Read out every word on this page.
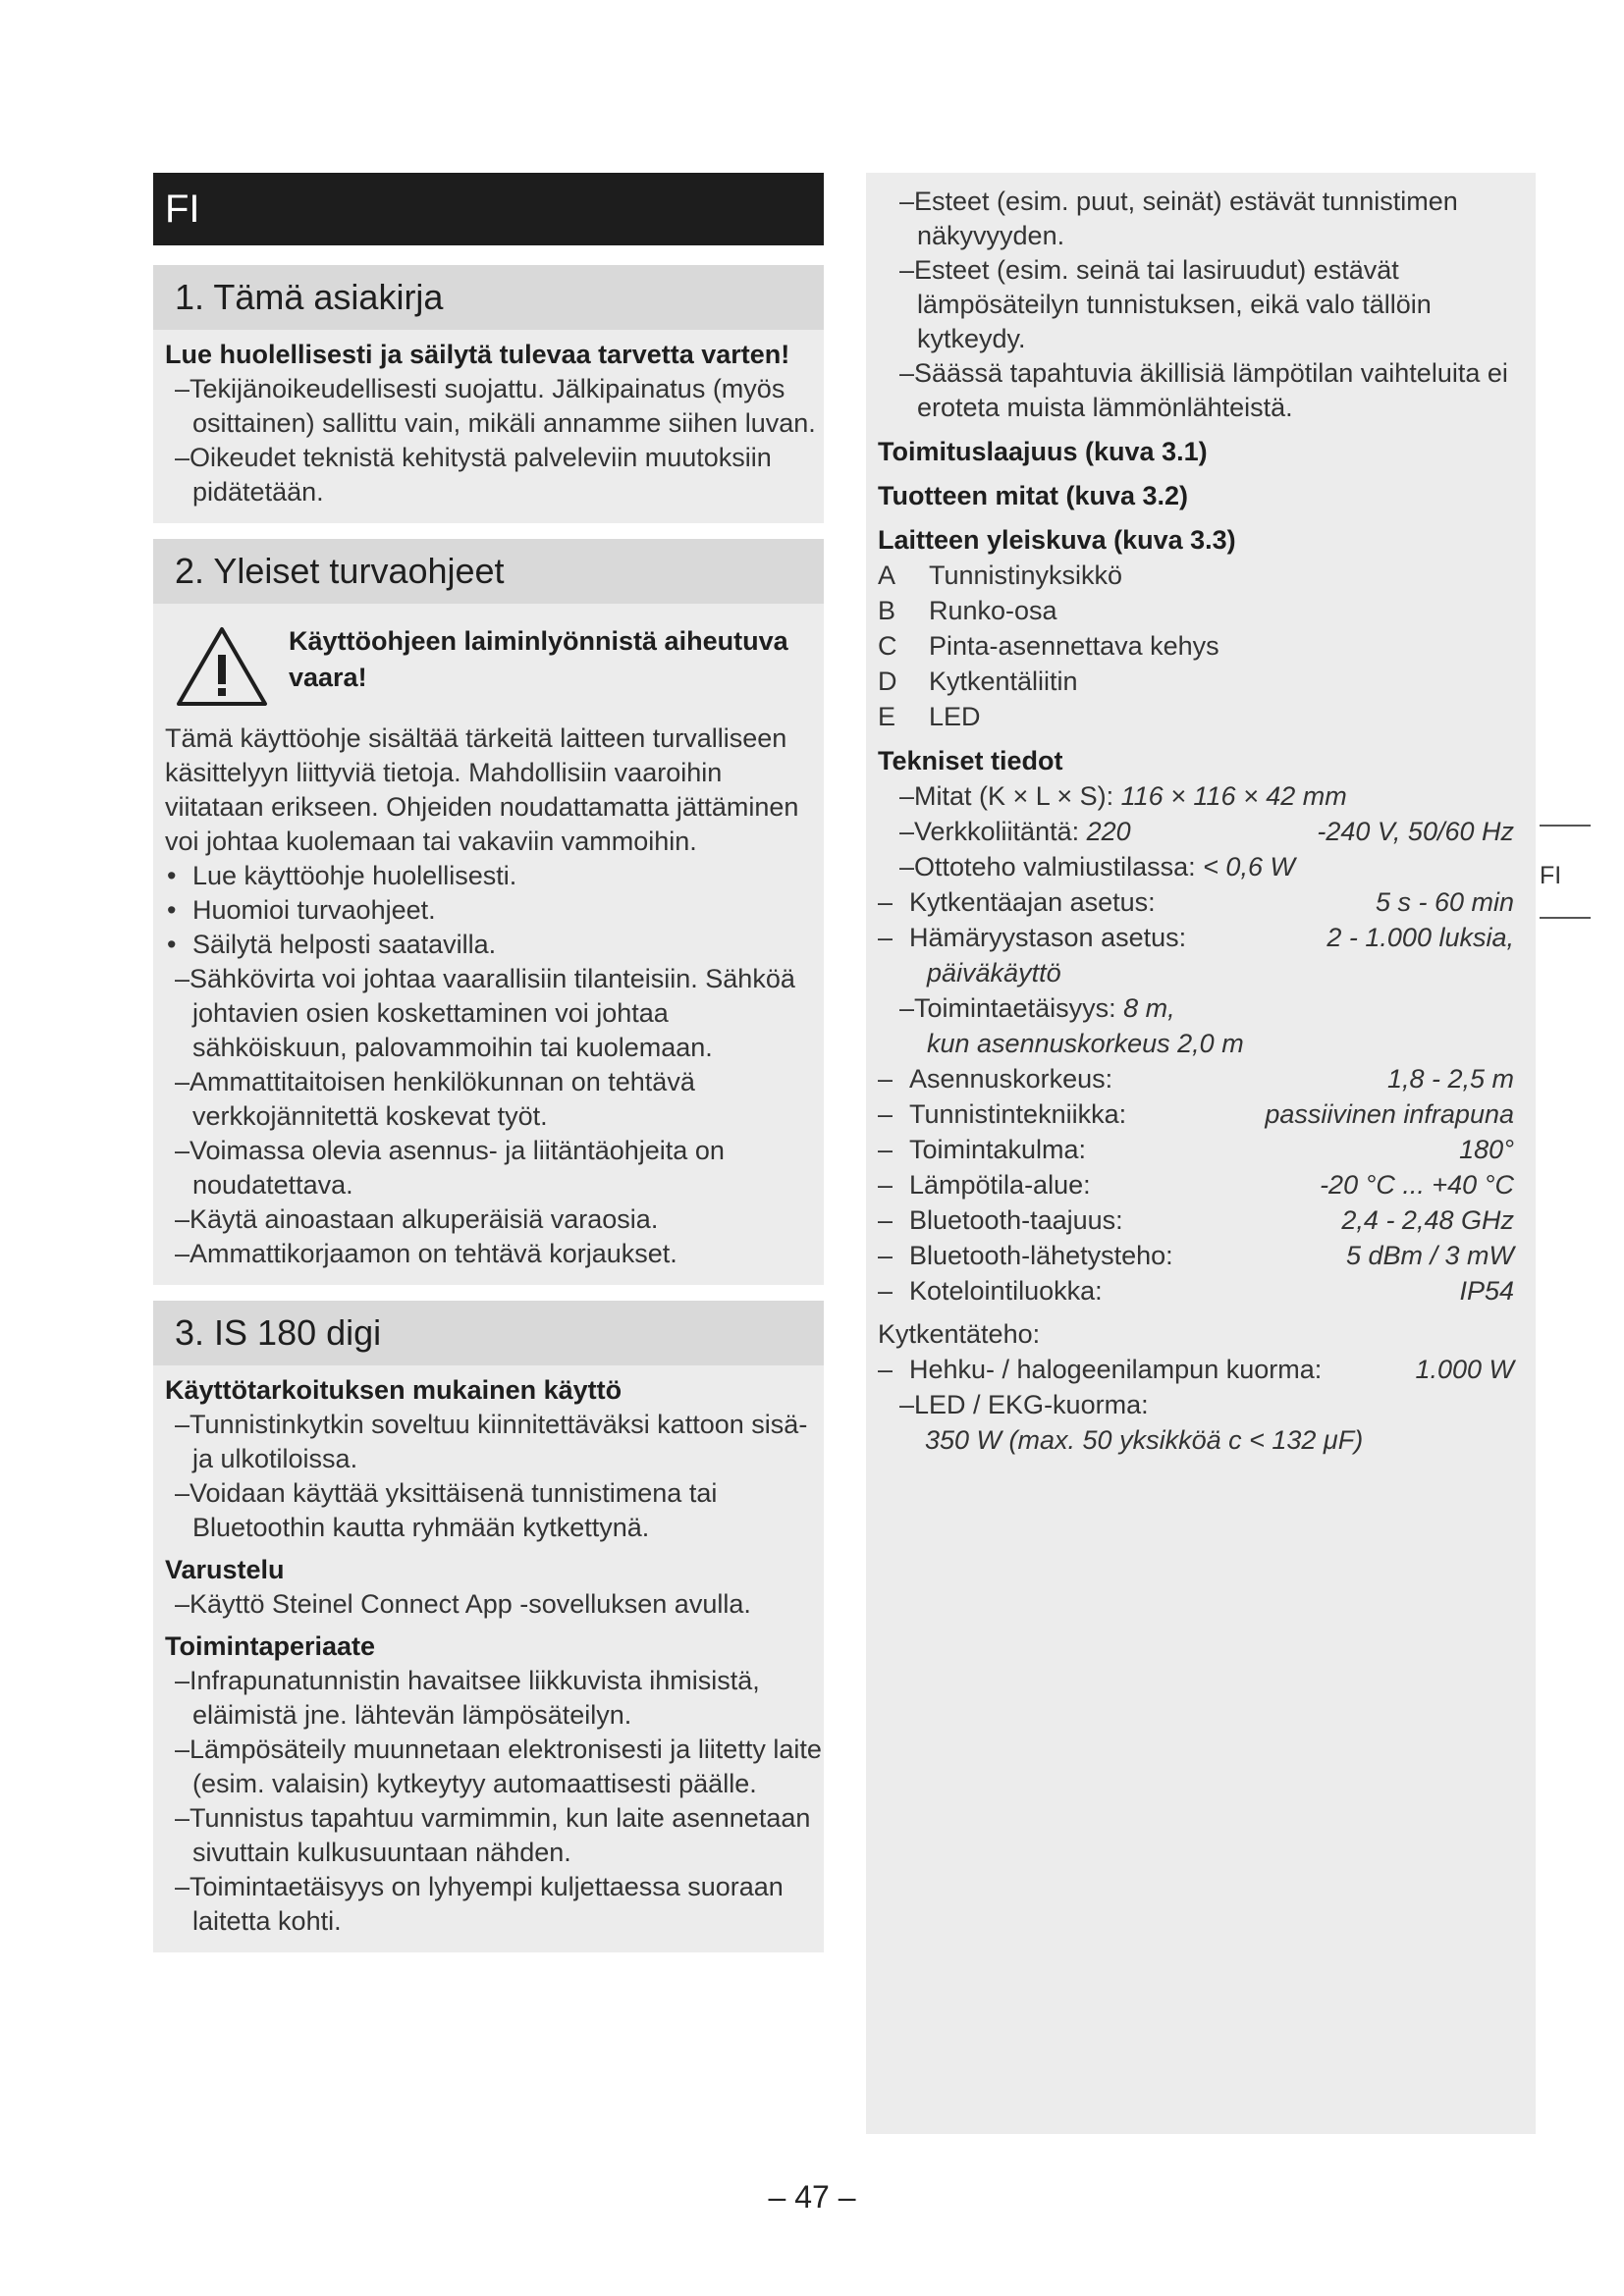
FI
1. Tämä asiakirja
Lue huolellisesti ja säilytä tulevaa tarvetta varten!
–Tekijänoikeudellisesti suojattu. Jälkipainatus (myös osittainen) sallittu vain, mikäli annamme siihen luvan.
–Oikeudet teknistä kehitystä palveleviin muutoksiin pidätetään.
2. Yleiset turvaohjeet
Käyttöohjeen laiminlyönnistä aiheutuva vaara!
Tämä käyttöohje sisältää tärkeitä laitteen turvalliseen käsittelyyn liittyviä tietoja. Mahdollisiin vaaroihin viitataan erikseen. Ohjeiden noudattamatta jättäminen voi johtaa kuolemaan tai vakaviin vammoihin.
• Lue käyttöohje huolellisesti.
• Huomioi turvaohjeet.
• Säilytä helposti saatavilla.
–Sähkövirta voi johtaa vaarallisiin tilanteisiin. Sähköä johtavien osien koskettaminen voi johtaa sähköiskuun, palovammoihin tai kuolemaan.
–Ammattitaitoisen henkilökunnan on tehtävä verkkojännitettä koskevat työt.
–Voimassa olevia asennus- ja liitäntäohjeita on noudatettava.
–Käytä ainoastaan alkuperäisiä varaosia.
–Ammattikorjaamon on tehtävä korjaukset.
3. IS 180 digi
Käyttötarkoituksen mukainen käyttö
–Tunnistinkytkin soveltuu kiinnitettäväksi kattoon sisä- ja ulkotiloissa.
–Voidaan käyttää yksittäisenä tunnistimena tai Bluetoothin kautta ryhmään kytkettynä.
Varustelu
–Käyttö Steinel Connect App -sovelluksen avulla.
Toimintaperiaate
–Infrapunatunnistin havaitsee liikkuvista ihmisistä, eläimistä jne. lähtevän lämpösäteilyn.
–Lämpösäteily muunnetaan elektronisesti ja liitetty laite (esim. valaisin) kytkeytyy automaattisesti päälle.
–Tunnistus tapahtuu varmimmin, kun laite asennetaan sivuttain kulkusuuntaan nähden.
–Toimintaetäisyys on lyhyempi kuljettaessa suoraan laitetta kohti.
–Esteet (esim. puut, seinät) estävät tunnistimen näkyvyyden.
–Esteet (esim. seinä tai lasiruudut) estävät lämpösäteilyn tunnistuksen, eikä valo tällöin kytkeydy.
–Säässä tapahtuvia äkillisiä lämpötilan vaihteluita ei eroteta muista lämmönlähteistä.
Toimituslaajuus (kuva 3.1)
Tuotteen mitat (kuva 3.2)
Laitteen yleiskuva (kuva 3.3)
A Tunnistinyksikkö
B Runko-osa
C Pinta-asennettava kehys
D Kytkentäliitin
E LED
Tekniset tiedot
–Mitat (K × L × S): 116 × 116 × 42 mm
–Verkkoliitäntä: 220	-240 V, 50/60 Hz
–Ottoteho valmiustilassa: < 0,6 W
– Kytkentäajan asetus:	5 s - 60 min
– Hämäryystason asetus:	2 - 1.000 luksia,
päiväkäyttö
–Toimintaetäisyys: 8 m,
kun asennuskorkeus 2,0 m
– Asennuskorkeus:	1,8 - 2,5 m
– Tunnistintekniikka:	passiivinen infrapuna
– Toimintakulma:	180°
– Lämpötila-alue:	-20 °C ... +40 °C
– Bluetooth-taajuus:	2,4 - 2,48 GHz
– Bluetooth-lähetysteho:	5 dBm / 3 mW
– Kotelointiluokka:	IP54
Kytkentäteho:
– Hehku- / halogeenilampun kuorma:	1.000 W
–LED / EKG-kuorma:
350 W (max. 50 yksikköä c < 132 μF)
FI
– 47 –
